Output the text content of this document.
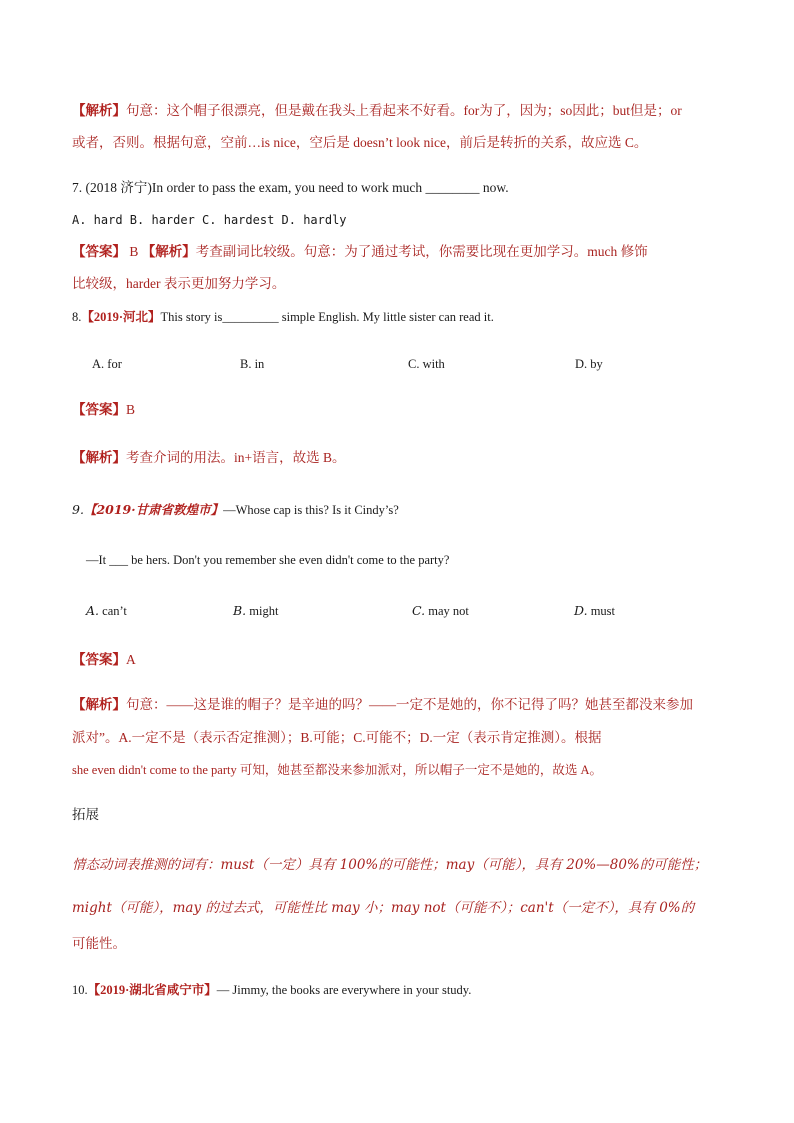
【解析】句意：这个帽子很漂亮，但是戴在我头上看起来不好看。for为了，因为；so因此；but但是；or
或者，否则。根据句意，空前…is nice，空后是 doesn’t look nice，前后是转折的关系，故应选 C。
7. (2018 济宁)In order to pass the exam, you need to work much ________ now.
A. hard B. harder C. hardest D. hardly
【答案】 B 【解析】考查副词比较级。句意：为了通过考试，你需要比现在更加学习。much 修饰
比较级，harder 表示更加努力学习。
8.【2019·河北】This story is_________ simple English. My little sister can read it.
A. for	B. in	C. with	D. by
【答案】B
【解析】考查介词的用法。in+语言，故选 B。
9.【2019·甘肃省敦煌市】—Whose cap is this? Is it Cindy’s?
—It ___ be hers. Don't you remember she even didn't come to the party?
A. can’t	B. might	C. may not	D. must
【答案】A
【解析】句意：——这是谁的帽子？是辛迪的吗？——一定不是她的，你不记得了吗？她甚至都没来参加
派对”。A.一定不是（表示否定推测）；B.可能；C.可能不；D.一定（表示肯定推测）。根据
she even didn't come to the party 可知，她甚至都没来参加派对，所以帽子一定不是她的，故选 A。
拓展
情态动词表推测的词有：must（一定）具有 100%的可能性；may（可能），具有 20%—80%的可能性；
might（可能），may 的过去式，可能性比 may 小；may not（可能不）；can't（一定不），具有 0%的
可能性。
10.【2019·湖北省咸宁市】— Jimmy, the books are everywhere in your study.
